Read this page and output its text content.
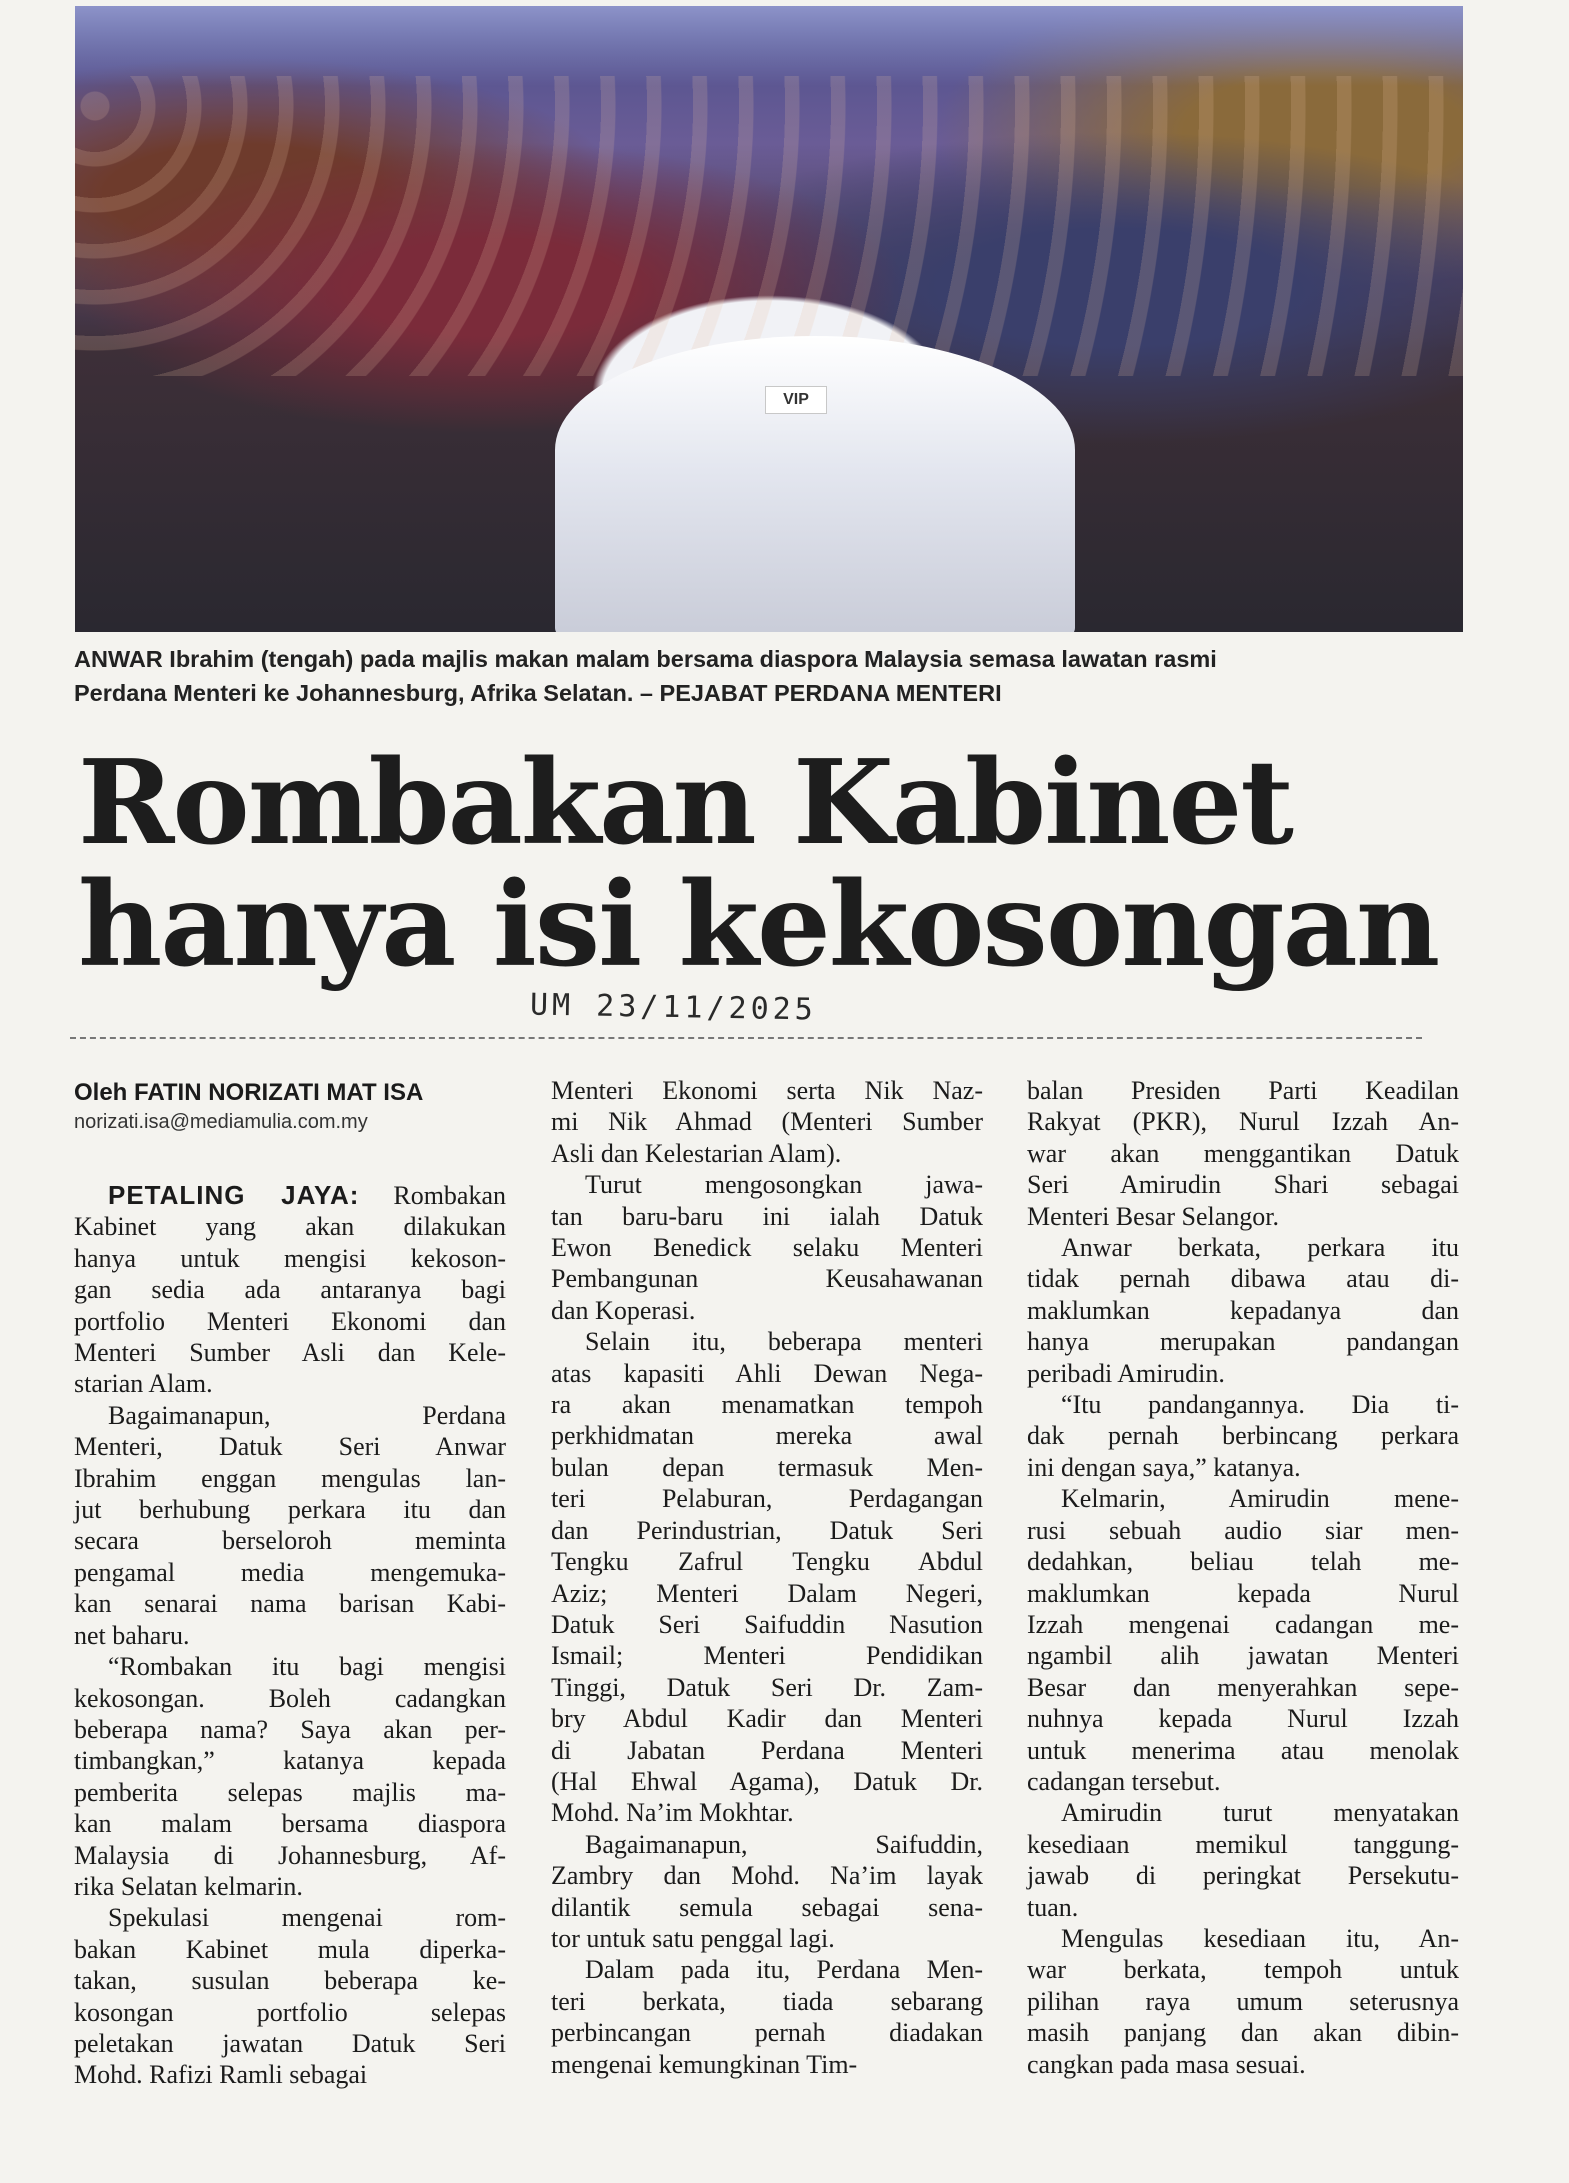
VIP
ANWAR Ibrahim (tengah) pada majlis makan malam bersama diaspora Malaysia semasa lawatan rasmi
Perdana Menteri ke Johannesburg, Afrika Selatan. – PEJABAT PERDANA MENTERI
Rombakan Kabinet
hanya isi kekosongan
UM 23/11/2025
Oleh FATIN NORIZATI MAT ISA
norizati.isa@mediamulia.com.my
PETALING JAYA: Rombakan
Kabinet yang akan dilakukan
hanya untuk mengisi kekoson-
gan sedia ada antaranya bagi
portfolio Menteri Ekonomi dan
Menteri Sumber Asli dan Kele-
starian Alam.
Bagaimanapun, Perdana
Menteri, Datuk Seri Anwar
Ibrahim enggan mengulas lan-
jut berhubung perkara itu dan
secara berseloroh meminta
pengamal media mengemuka-
kan senarai nama barisan Kabi-
net baharu.
“Rombakan itu bagi mengisi
kekosongan. Boleh cadangkan
beberapa nama? Saya akan per-
timbangkan,” katanya kepada
pemberita selepas majlis ma-
kan malam bersama diaspora
Malaysia di Johannesburg, Af-
rika Selatan kelmarin.
Spekulasi mengenai rom-
bakan Kabinet mula diperka-
takan, susulan beberapa ke-
kosongan portfolio selepas
peletakan jawatan Datuk Seri
Mohd. Rafizi Ramli sebagai
Menteri Ekonomi serta Nik Naz-
mi Nik Ahmad (Menteri Sumber
Asli dan Kelestarian Alam).
Turut mengosongkan jawa-
tan baru-baru ini ialah Datuk
Ewon Benedick selaku Menteri
Pembangunan Keusahawanan
dan Koperasi.
Selain itu, beberapa menteri
atas kapasiti Ahli Dewan Nega-
ra akan menamatkan tempoh
perkhidmatan mereka awal
bulan depan termasuk Men-
teri Pelaburan, Perdagangan
dan Perindustrian, Datuk Seri
Tengku Zafrul Tengku Abdul
Aziz; Menteri Dalam Negeri,
Datuk Seri Saifuddin Nasution
Ismail; Menteri Pendidikan
Tinggi, Datuk Seri Dr. Zam-
bry Abdul Kadir dan Menteri
di Jabatan Perdana Menteri
(Hal Ehwal Agama), Datuk Dr.
Mohd. Na’im Mokhtar.
Bagaimanapun, Saifuddin,
Zambry dan Mohd. Na’im layak
dilantik semula sebagai sena-
tor untuk satu penggal lagi.
Dalam pada itu, Perdana Men-
teri berkata, tiada sebarang
perbincangan pernah diadakan
mengenai kemungkinan Tim-
balan Presiden Parti Keadilan
Rakyat (PKR), Nurul Izzah An-
war akan menggantikan Datuk
Seri Amirudin Shari sebagai
Menteri Besar Selangor.
Anwar berkata, perkara itu
tidak pernah dibawa atau di-
maklumkan kepadanya dan
hanya merupakan pandangan
peribadi Amirudin.
“Itu pandangannya. Dia ti-
dak pernah berbincang perkara
ini dengan saya,” katanya.
Kelmarin, Amirudin mene-
rusi sebuah audio siar men-
dedahkan, beliau telah me-
maklumkan kepada Nurul
Izzah mengenai cadangan me-
ngambil alih jawatan Menteri
Besar dan menyerahkan sepe-
nuhnya kepada Nurul Izzah
untuk menerima atau menolak
cadangan tersebut.
Amirudin turut menyatakan
kesediaan memikul tanggung-
jawab di peringkat Persekutu-
tuan.
Mengulas kesediaan itu, An-
war berkata, tempoh untuk
pilihan raya umum seterusnya
masih panjang dan akan dibin-
cangkan pada masa sesuai.
